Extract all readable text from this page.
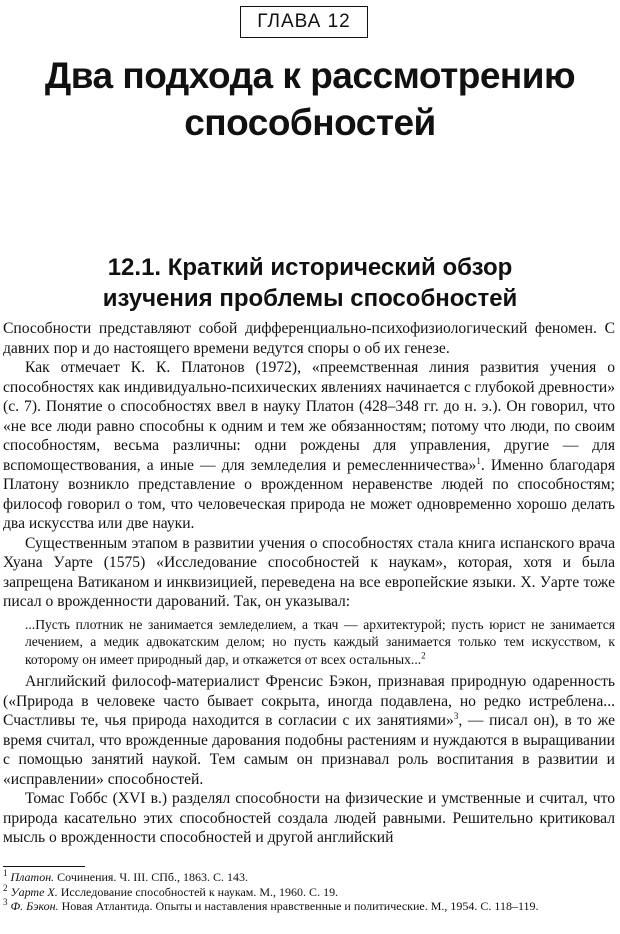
ГЛАВА 12
Два подхода к рассмотрению
способностей
12.1. Краткий исторический обзор
изучения проблемы способностей

Способности представляют собой дифференциально-психофизиологический феномен. С давних пор и до настоящего времени ведутся споры о об их генезе.

Как отмечает К. К. Платонов (1972), «преемственная линия развития учения о способностях как индивидуально-психических явлениях начинается с глубокой древности» (с. 7). Понятие о способностях ввел в науку Платон (428–348 гг. до н. э.). Он говорил, что «не все люди равно способны к одним и тем же обязанностям; потому что люди, по своим способностям, весьма различны: одни рождены для управления, другие — для вспомоществования, а иные — для земледелия и ремесленничества»$^1$. Именно благодаря Платону возникло представление о врожденном неравенстве людей по способностям; философ говорил о том, что человеческая природа не может одновременно хорошо делать два искусства или две науки.

Существенным этапом в развитии учения о способностях стала книга испанского врача Хуана Уарте (1575) «Исследование способностей к наукам», которая, хотя и была запрещена Ватиканом и инквизицией, переведена на все европейские языки. Х. Уарте тоже писал о врожденности дарований. Так, он указывал:

...Пусть плотник не занимается земледелием, а ткач — архитектурой; пусть юрист не занимается лечением, а медик адвокатским делом; но пусть каждый занимается только тем искусством, к которому он имеет природный дар, и откажется от всех остальных...$^2$

Английский философ-материалист Френсис Бэкон, признавая природную одаренность («Природа в человеке часто бывает сокрыта, иногда подавлена, но редко истреблена... Счастливы те, чья природа находится в согласии с их занятиями»$^3$, — писал он), в то же время считал, что врожденные дарования подобны растениям и нуждаются в выращивании с помощью занятий наукой. Тем самым он признавал роль воспитания в развитии и «исправлении» способностей.

Томас Гоббс (XVI в.) разделял способности на физические и умственные и считал, что природа касательно этих способностей создала людей равными. Решительно критиковал мысль о врожденности способностей и другой английский

$^1$ Платон. Сочинения. Ч. III. СПб., 1863. С. 143.

$^2$ Уарте Х. Исследование способностей к наукам. М., 1960. С. 19.

$^3$ Ф. Бэкон. Новая Атлантида. Опыты и наставления нравственные и политические. М., 1954. С. 118–119.
